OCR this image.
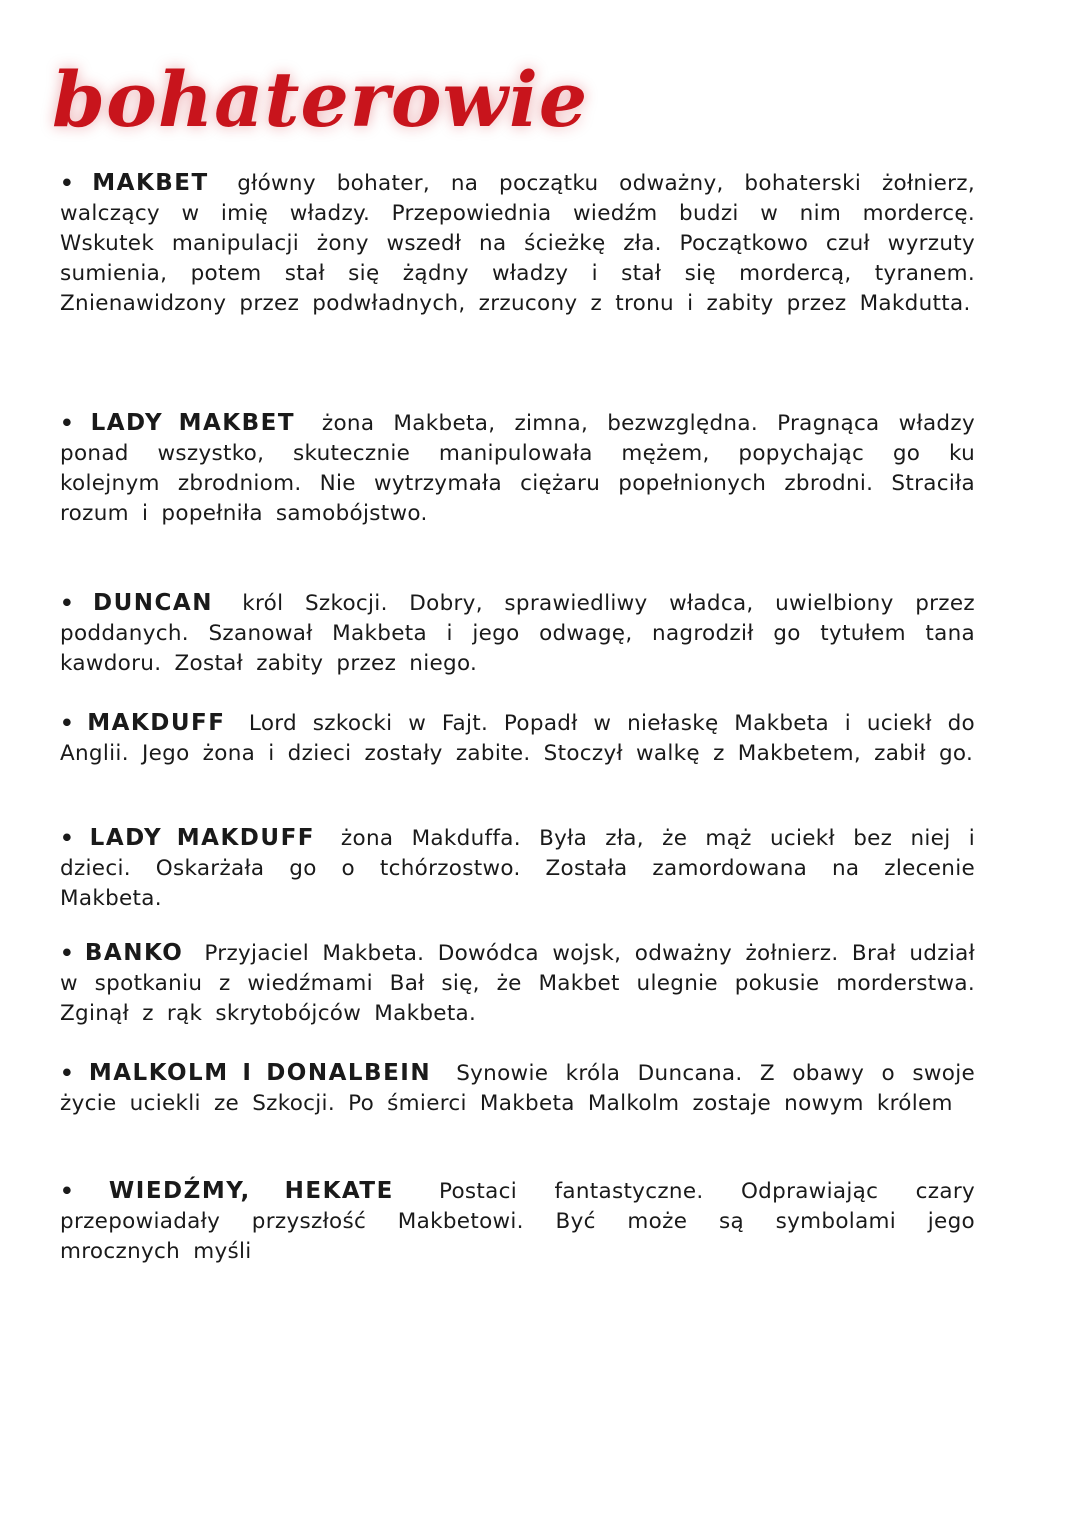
bohaterowie

• MAKBET główny bohater, na początku odważny, bohaterski żołnierz, walczący w imię władzy. Przepowiednia wiedźm budzi w nim mordercę. Wskutek manipulacji żony wszedł na ścieżkę zła. Początkowo czuł wyrzuty sumienia, potem stał się żądny władzy i stał się mordercą, tyranem. Znienawidzony przez podwładnych, zrzucony z tronu i zabity przez Makdutta.

• LADY MAKBET żona Makbeta, zimna, bezwzględna. Pragnąca władzy ponad wszystko, skutecznie manipulowała mężem, popychając go ku kolejnym zbrodniom. Nie wytrzymała ciężaru popełnionych zbrodni. Straciła rozum i popełniła samobójstwo.

• DUNCAN król Szkocji. Dobry, sprawiedliwy władca, uwielbiony przez poddanych. Szanował Makbeta i jego odwagę, nagrodził go tytułem tana kawdoru. Został zabity przez niego.

• MAKDUFF Lord szkocki w Fajt. Popadł w niełaskę Makbeta i uciekł do Anglii. Jego żona i dzieci zostały zabite. Stoczył walkę z Makbetem, zabił go.

• LADY MAKDUFF żona Makduffa. Była zła, że mąż uciekł bez niej i dzieci. Oskarżała go o tchórzostwo. Została zamordowana na zlecenie Makbeta.

• BANKO Przyjaciel Makbeta. Dowódca wojsk, odważny żołnierz. Brał udział w spotkaniu z wiedźmami Bał się, że Makbet ulegnie pokusie morderstwa. Zginął z rąk skrytobójców Makbeta.

• MALKOLM I DONALBEIN Synowie króla Duncana. Z obawy o swoje życie uciekli ze Szkocji. Po śmierci Makbeta Malkolm zostaje nowym królem

• WIEDŹMY, HEKATE Postaci fantastyczne. Odprawiając czary przepowiadały przyszłość Makbetowi. Być może są symbolami jego mrocznych myśli
